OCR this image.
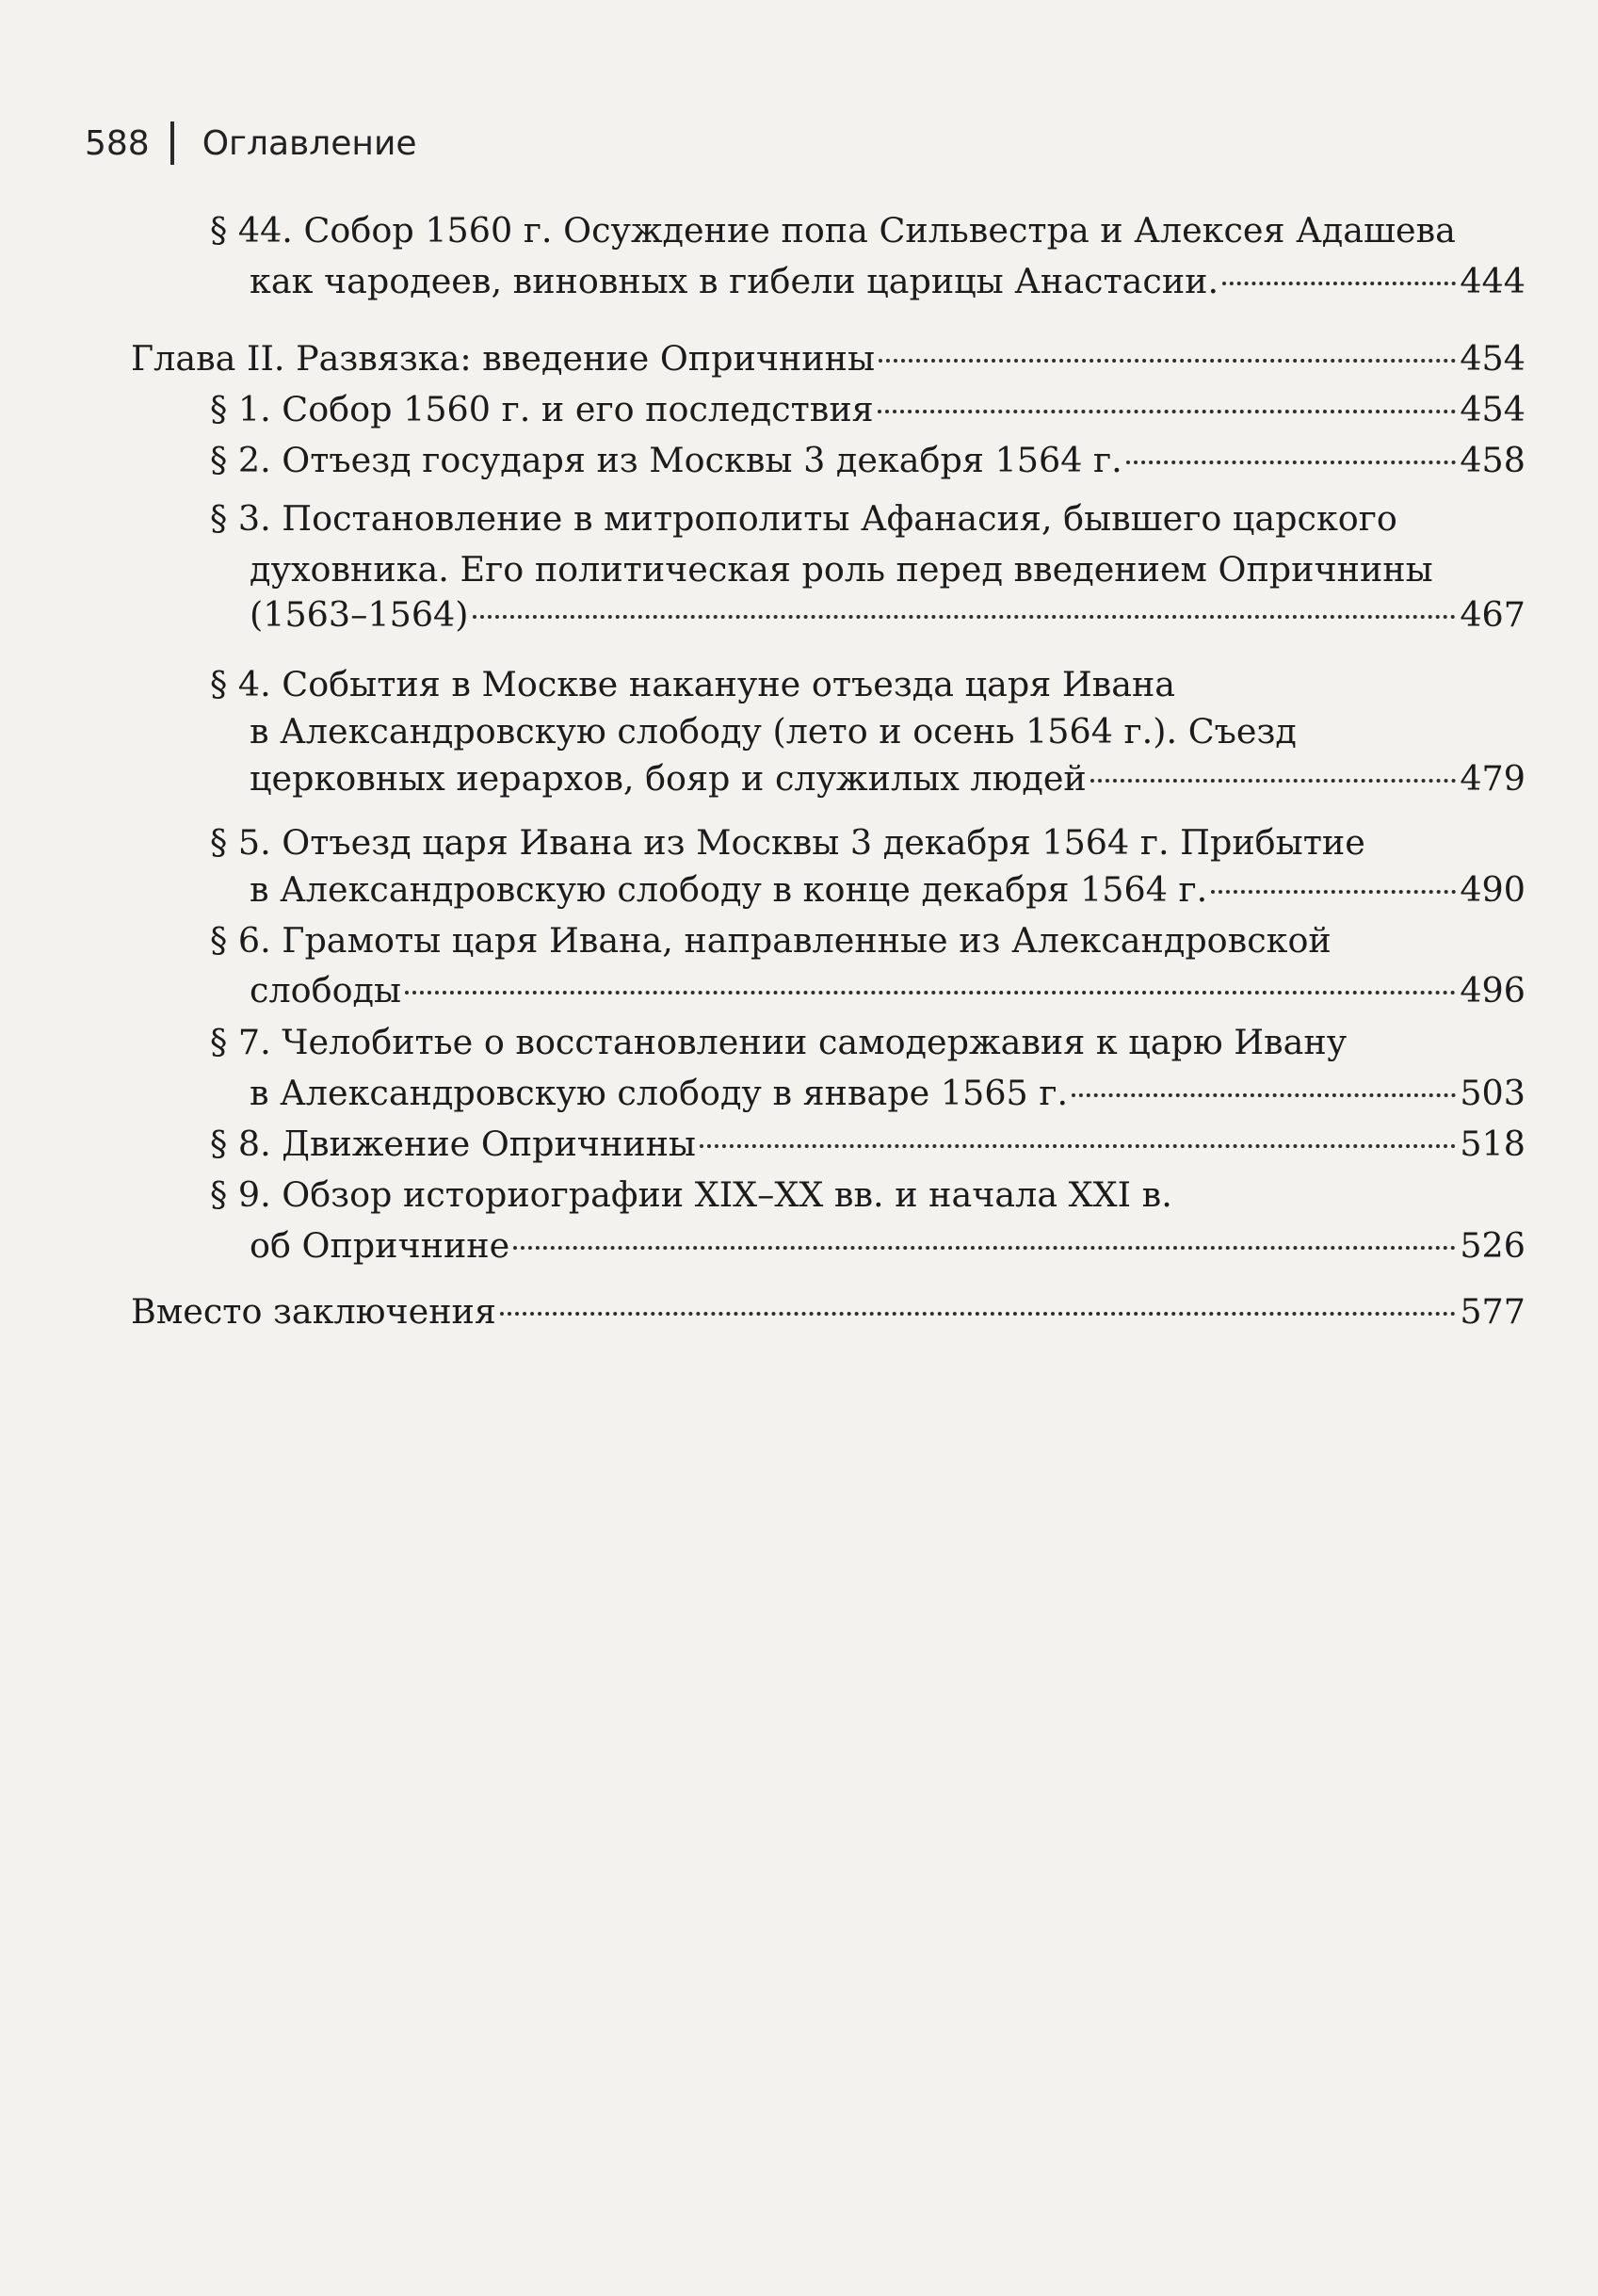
588 Оглавление
§ 44. Собор 1560 г. Осуждение попа Сильвестра и Алексея Адашева
как чародеев, виновных в гибели царицы Анастасии.	444
Глава II. Развязка: введение Опричнины	454
§ 1. Собор 1560 г. и его последствия	454
§ 2. Отъезд государя из Москвы 3 декабря 1564 г.	458
§ 3. Постановление в митрополиты Афанасия, бывшего царского
духовника. Его политическая роль перед введением Опричнины
(1563–1564)	467
§ 4. События в Москве накануне отъезда царя Ивана
в Александровскую слободу (лето и осень 1564 г.). Съезд
церковных иерархов, бояр и служилых людей	479
§ 5. Отъезд царя Ивана из Москвы 3 декабря 1564 г. Прибытие
в Александровскую слободу в конце декабря 1564 г.	490
§ 6. Грамоты царя Ивана, направленные из Александровской
слободы	496
§ 7. Челобитье о восстановлении самодержавия к царю Ивану
в Александровскую слободу в январе 1565 г.	503
§ 8. Движение Опричнины	518
§ 9. Обзор историографии XIX–XX вв. и начала XXI в.
об Опричнине	526
Вместо заключения	577
